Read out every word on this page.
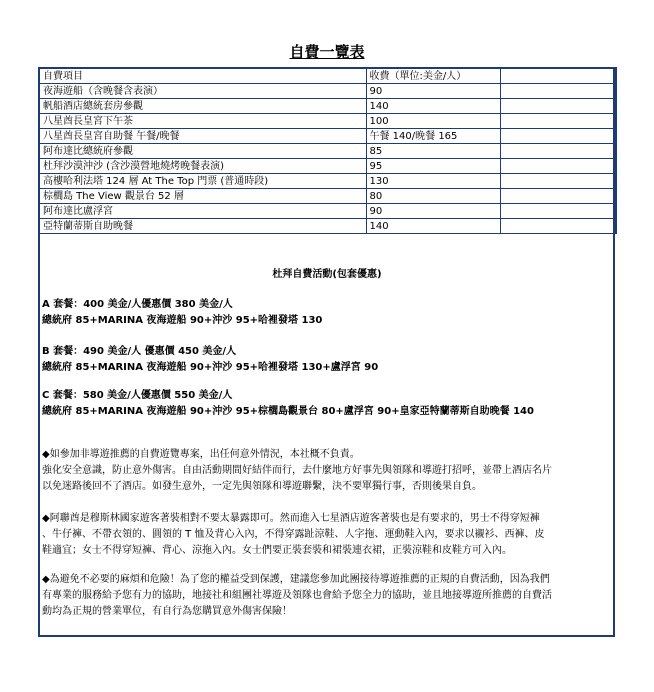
自費一覽表
自費項目	收費（單位:美金/人）	
夜海遊船（含晚餐含表演）	90	
帆船酒店總統套房參觀	140	
八星酋長皇宮下午茶	100	
八星酋長皇宮自助餐 午餐/晚餐	午餐 140/晚餐 165	
阿布達比總統府參觀	85	
杜拜沙漠沖沙 (含沙漠營地燒烤晚餐表演)	95	
高樓哈利法塔 124 層 At The Top 門票 (普通時段)	130	
棕櫚島 The View 觀景台 52 層	80	
阿布達比盧浮宮	90	
亞特蘭蒂斯自助晚餐	140	
杜拜自費活動(包套優惠)

A 套餐：400 美金/人優惠價 380 美金/人

總統府 85+MARINA 夜海遊船 90+沖沙 95+哈裡發塔 130

B 套餐：490 美金/人 優惠價 450 美金/人

總統府 85+MARINA 夜海遊船 90+沖沙 95+哈裡發塔 130+盧浮宮 90

C 套餐：580 美金/人優惠價 550 美金/人

總統府 85+MARINA 夜海遊船 90+沖沙 95+棕櫚島觀景台 80+盧浮宮 90+皇家亞特蘭蒂斯自助晚餐 140

◆如參加非導遊推薦的自費遊覽專案，出任何意外情況，本社概不負責。

強化安全意識，防止意外傷害。自由活動期間好結伴而行，去什麼地方好事先與領隊和導遊打招呼，並帶上酒店名片

以免迷路後回不了酒店。如發生意外，一定先與領隊和導遊聯繫，決不要單獨行事，否則後果自負。

◆阿聯酋是穆斯林國家遊客著裝相對不要太暴露即可。然而進入七星酒店遊客著裝也是有要求的，男士不得穿短褲

、牛仔褲、不帶衣領的、圓領的 T 恤及背心入內，不得穿露趾涼鞋、人字拖、運動鞋入內，要求以襯衫、西褲、皮

鞋適宜；女士不得穿短褲、背心、涼拖入內。女士們要正裝套裝和裙裝連衣裙，正裝涼鞋和皮鞋方可入內。

◆為避免不必要的麻煩和危險！為了您的權益受到保護，建議您參加此團接待導遊推薦的正規的自費活動，因為我們

有專業的服務給予您有力的協助，地接社和組團社導遊及領隊也會給予您全力的協助，並且地接導遊所推薦的自費活

動均為正規的營業單位，有自行為您購買意外傷害保險！
